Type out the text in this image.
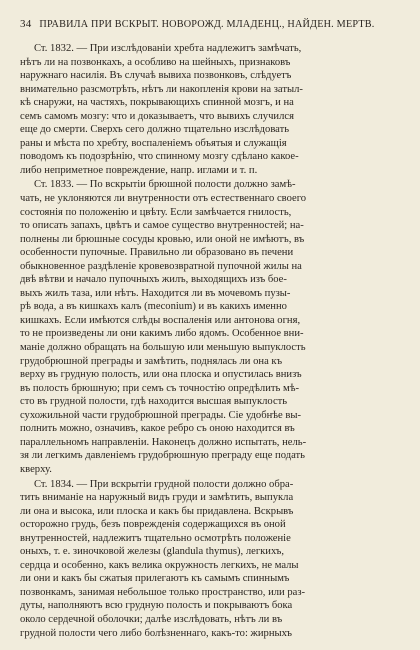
34 ПРАВИЛА ПРИ ВСКРЫТ. НОВОРОЖД. МЛАДЕНЦ., НАЙДЕН. МЕРТВ.

Ст. 1832. — При изслѣдованіи хребта надлежитъ замѣчать,
нѣтъ ли на позвонкахъ, а особливо на шейныхъ, признаковъ
наружнаго насилія. Въ случаѣ вывиха позвонковъ, слѣдуетъ
внимательно разсмотрѣть, нѣтъ ли накопленія крови на затыл-
кѣ снаружи, на частяхъ, покрывающихъ спинной мозгъ, и на
семъ самомъ мозгу: что и доказываетъ, что вывихъ случился
еще до смерти. Сверхъ сего должно тщательно изслѣдовать
раны и мѣста по хребту, воспаленіемъ объятыя и служащія
поводомъ къ подозрѣнію, что спинному мозгу сдѣлано какое-
либо неприметное повреждение, напр. иглами и т. п.

Ст. 1833. — По вскрытіи брюшной полости должно замѣ-
чать, не уклоняются ли внутренности отъ естественнаго своего
состоянія по положенію и цвѣту. Если замѣчается гнилость,
то описать запахъ, цвѣтъ и самое существо внутренностей; на-
полнены ли брюшные сосуды кровью, или оной не имѣютъ, въ
особенности пупочные. Правильно ли образовано въ печени
обыкновенное раздѣленіе кровевозвратной пупочной жилы на
двѣ вѣтви и начало пупочныхъ жилъ, выходящихъ изъ бое-
выхъ жилъ таза, или нѣтъ. Находится ли въ мочевомъ пузы-
рѣ вода, а въ кишкахъ калъ (meconium) и въ какихъ именно
кишкахъ. Если имѣются слѣды воспаленія или антонова огня,
то не произведены ли они какимъ либо ядомъ. Особенное вни-
маніе должно обращать на большую или меньшую выпуклость
грудобрюшной преграды и замѣтить, поднялась ли она къ
верху въ грудную полость, или она плоска и опустилась внизъ
въ полость брюшную; при семъ съ точностію опредѣлить мѣ-
сто въ грудной полости, гдѣ находится высшая выпуклость
сухожильной части грудобрюшной преграды. Сіе удобнѣе вы-
полнить можно, означивъ, какое ребро съ оною находится въ
параллельномъ направленіи. Наконецъ должно испытать, нель-
зя ли легкимъ давленіемъ грудобрюшную преграду еще подать
кверху.

Ст. 1834. — При вскрытіи грудной полости должно обра-
тить вниманіе на наружный видъ груди и замѣтить, выпукла
ли она и высока, или плоска и какъ бы придавлена. Вскрывъ
осторожно грудь, безъ поврежденія содержащихся въ оной
внутренностей, надлежитъ тщательно осмотрѣть положеніе
оныхъ, т. е. зиночковой железы (glandula thymus), легкихъ,
сердца и особенно, какъ велика окружность легкихъ, не малы
ли они и какъ бы сжатыя прилегаютъ къ самымъ спиннымъ
позвонкамъ, занимая небольшое только пространство, или раз-
дуты, наполняютъ всю грудную полость и покрываютъ бока
около сердечной оболочки; далѣе изслѣдовать, нѣтъ ли въ
грудной полости чего либо болѣзненнаго, какъ-то: жирныхъ
